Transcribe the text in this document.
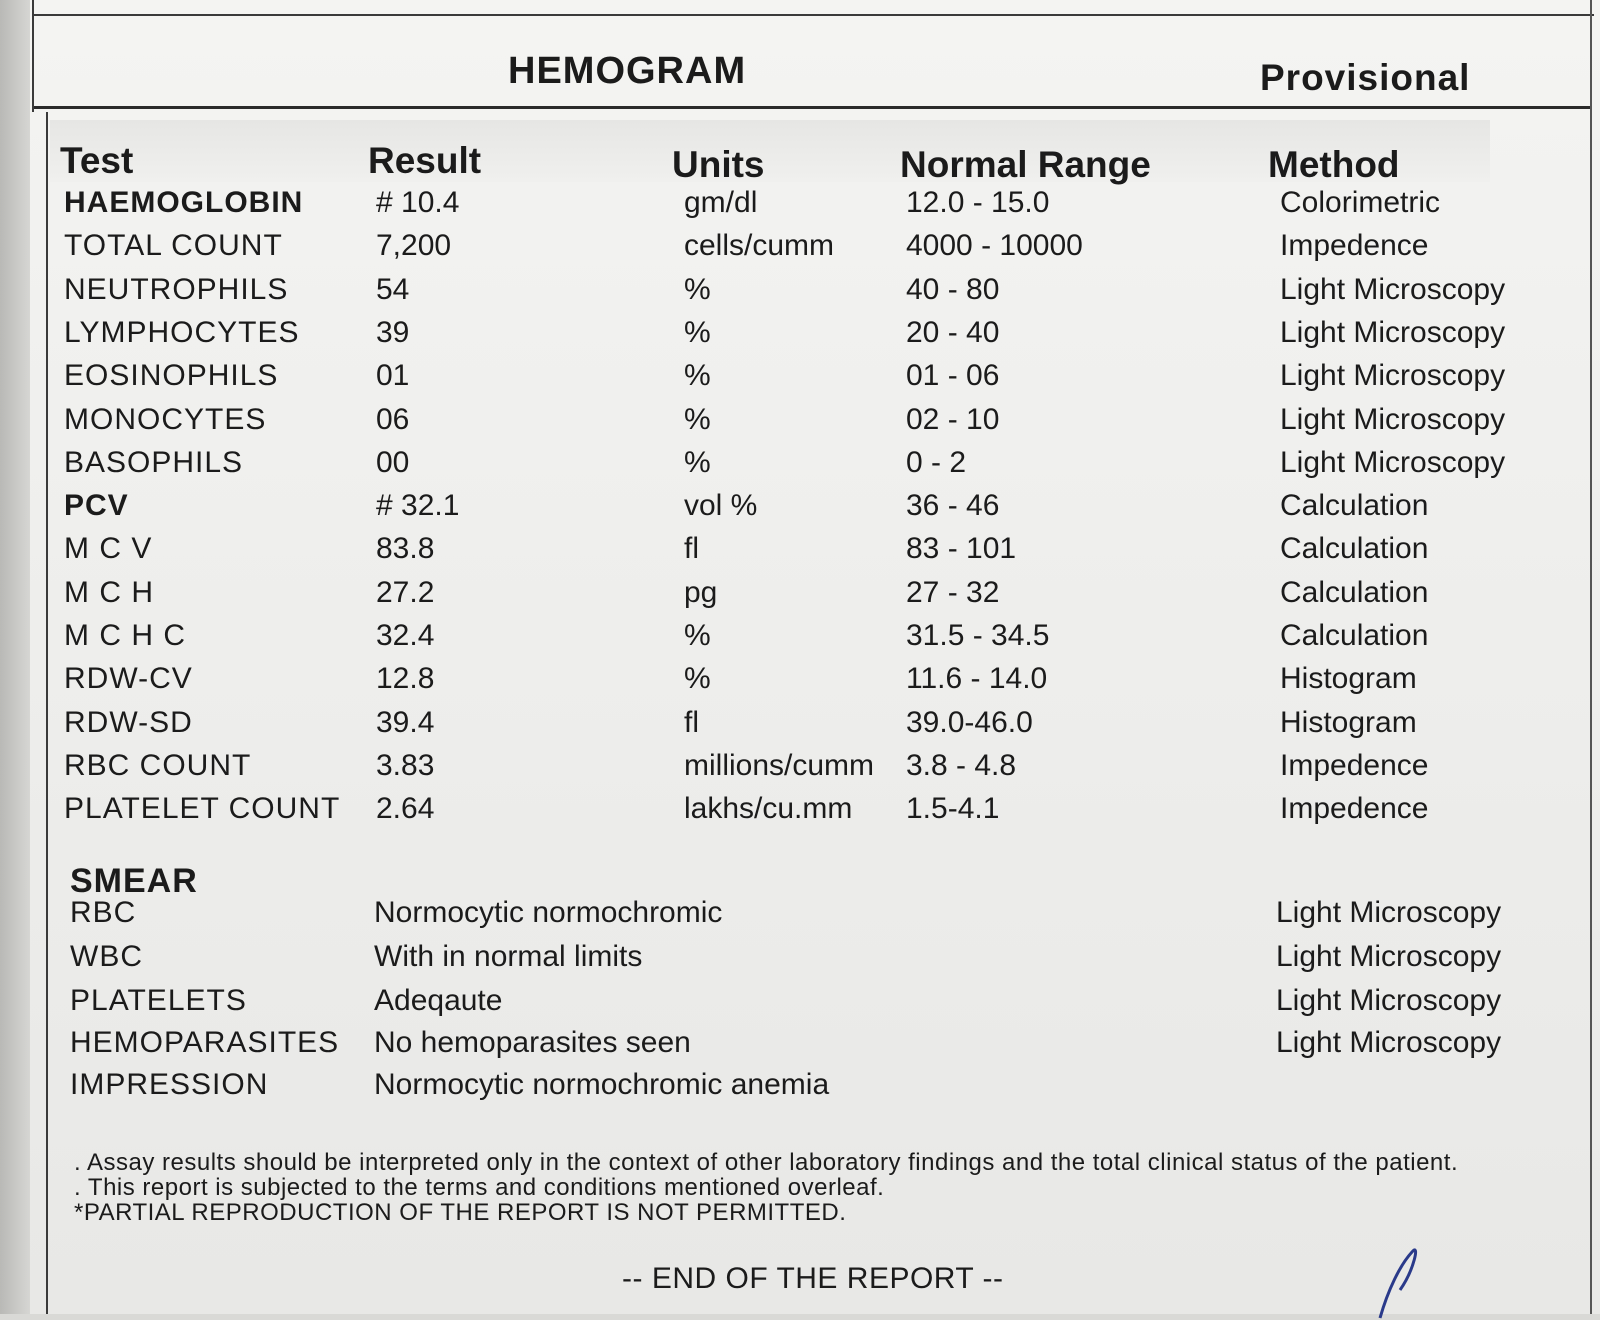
HEMOGRAM	Provisional
Test	Result	Units	Normal Range	Method
HAEMOGLOBIN # 10.4	gm/dl	12.0 - 15.0	Colorimetric
TOTAL COUNT	7,200	cells/cumm 4000 - 10000	Impedence
NEUTROPHILS	54	%	40 - 80	Light Microscopy
LYMPHOCYTES	39	%	20 - 40	Light Microscopy
EOSINOPHILS	01	%	01 - 06	Light Microscopy
MONOCYTES	06	%	02 - 10	Light Microscopy
BASOPHILS	00	%	0 - 2	Light Microscopy
PCV	# 32.1	vol %	36 - 46	Calculation
M C V	83.8	fl	83 - 101	Calculation
M C H	27.2	pg	27 - 32	Calculation
M C H C	32.4	%	31.5 - 34.5	Calculation
RDW-CV	12.8	%	11.6 - 14.0	Histogram
RDW-SD	39.4	fl	39.0-46.0	Histogram
RBC COUNT	3.83	millions/cumm 3.8 - 4.8	Impedence
PLATELET COUNT 2.64	lakhs/cu.mm 1.5-4.1	Impedence
SMEAR
RBC	Normocytic normochromic	Light Microscopy
WBC	With in normal limits	Light Microscopy
PLATELETS	Adeqaute	Light Microscopy
HEMOPARASITES No hemoparasites seen	Light Microscopy
IMPRESSION	Normocytic normochromic anemia
. Assay results should be interpreted only in the context of other laboratory findings and the total clinical status of the patient.
. This report is subjected to the terms and conditions mentioned overleaf.
*PARTIAL REPRODUCTION OF THE REPORT IS NOT PERMITTED.
-- END OF THE REPORT --
